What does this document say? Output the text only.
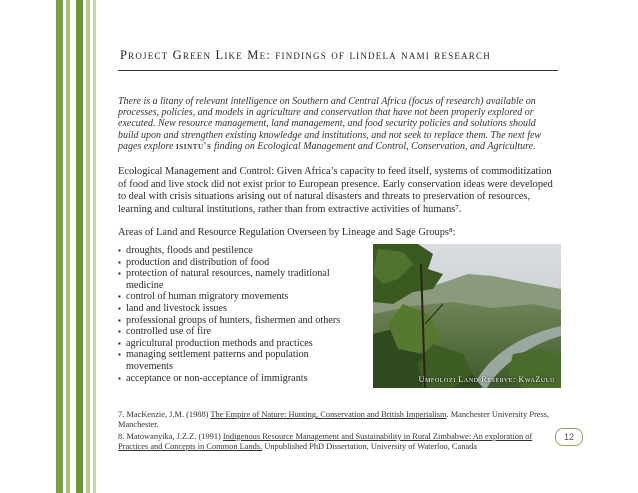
Project Green Like Me: findings of lindela nami research
There is a litany of relevant intelligence on Southern and Central Africa (focus of research) available on processes, policies, and models in agriculture and conservation that have not been properly explored or executed. New resource management, land management, and food security policies and solutions should build upon and strengthen existing knowledge and institutions, and not seek to replace them. The next few pages explore isintu's finding on Ecological Management and Control, Conservation, and Agriculture.
Ecological Management and Control: Given Africa’s capacity to feed itself, systems of commoditization of food and live stock did not exist prior to European presence. Early conservation ideas were developed to deal with crisis situations arising out of natural disasters and threats to preservation of resources, learning and cultural institutions, rather than from extractive activities of humans⁷.
Areas of Land and Resource Regulation Overseen by Lineage and Sage Groups⁸:
▪ droughts, floods and pestilence
▪ production and distribution of food
▪ protection of natural resources, namely traditional medicine
▪ control of human migratory movements
▪ land and livestock issues
▪ professional groups of hunters, fishermen and others
▪ controlled use of fire
▪ agricultural production methods and practices
▪ managing settlement patterns and population movements
▪ acceptance or non-acceptance of immigrants	Umfolozi Land Reserve: KwaZulu
7. MacKenzie, J.M. (1988) The Empire of Nature: Hunting, Conservation and British Imperialism. Manchester University Press, Manchester.
8. Matowanyika, J.Z.Z. (1991) Indigenous Resource Management and Sustainability in Rural Zimbabwe: An exploration of Practices and Concepts in Common Lands. Unpublished PhD Dissertation, University of Waterloo, Canada
12
